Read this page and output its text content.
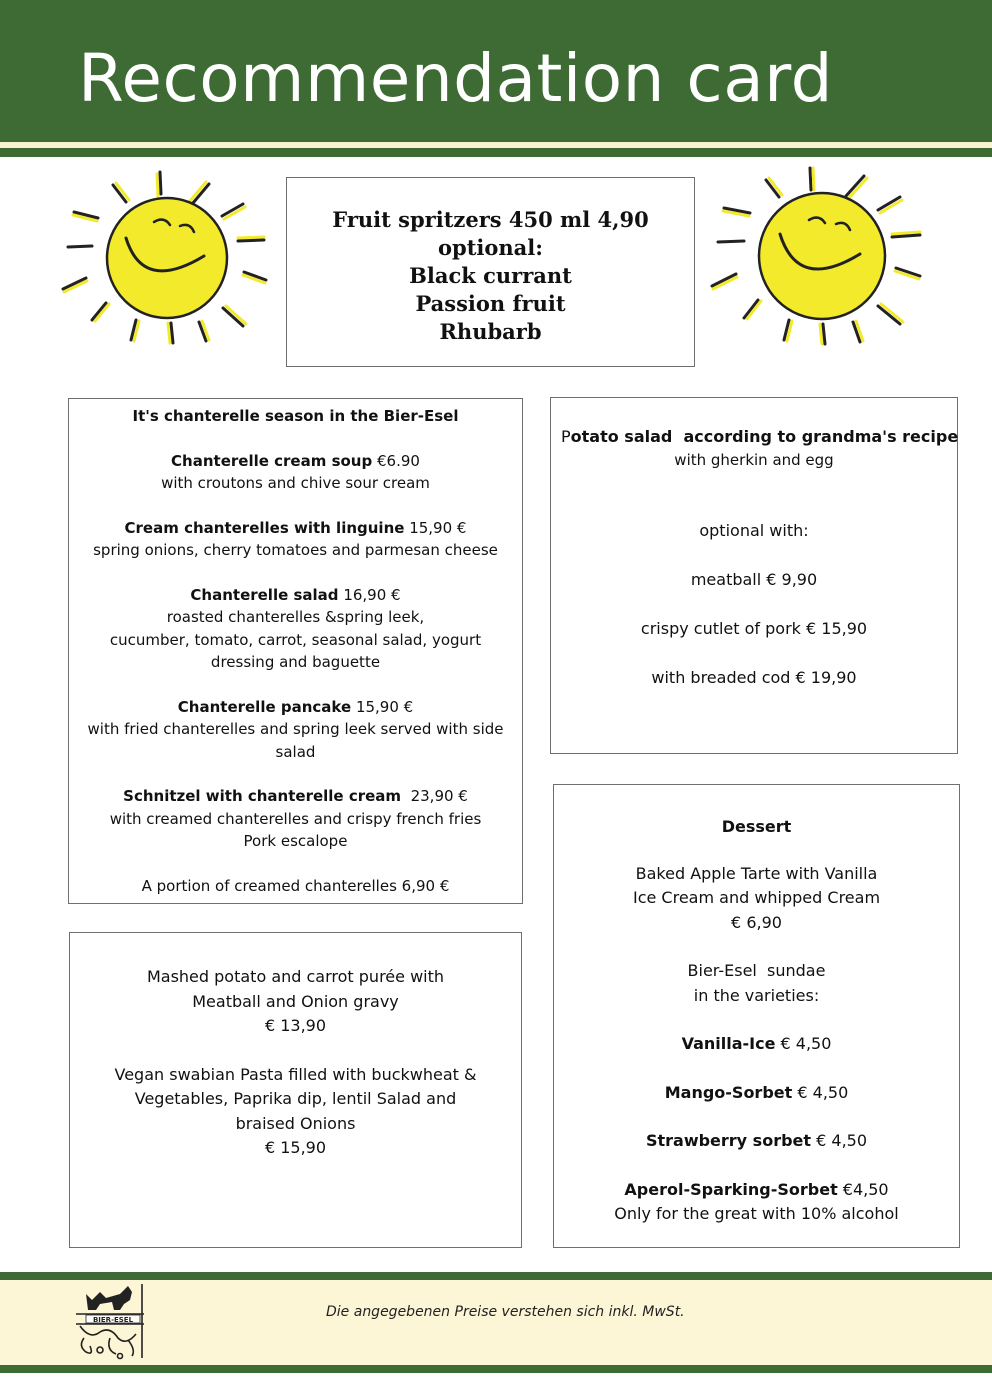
Recommendation card
Fruit spritzers 450 ml 4,90
optional:
Black currant
Passion fruit
Rhubarb
It's chanterelle season in the Bier-Esel
Chanterelle cream soup €6.90
with croutons and chive sour cream
Cream chanterelles with linguine 15,90 €
spring onions, cherry tomatoes and parmesan cheese
Chanterelle salad 16,90 €
roasted chanterelles &spring leek,
cucumber, tomato, carrot, seasonal salad, yogurt
dressing and baguette
Chanterelle pancake 15,90 €
with fried chanterelles and spring leek served with side
salad
Schnitzel with chanterelle cream  23,90 €
with creamed chanterelles and crispy french fries
Pork escalope
A portion of creamed chanterelles 6,90 €
Potato salad  according to grandma's recipe
with gherkin and egg
optional with:
meatball € 9,90
crispy cutlet of pork € 15,90
with breaded cod € 19,90
Mashed potato and carrot purée with
Meatball and Onion gravy
€ 13,90
Vegan swabian Pasta filled with buckwheat &
Vegetables, Paprika dip, lentil Salad and
braised Onions
€ 15,90
Dessert
Baked Apple Tarte with Vanilla
Ice Cream and whipped Cream
€ 6,90
Bier-Esel  sundae
in the varieties:
Vanilla-Ice € 4,50
Mango-Sorbet € 4,50
Strawberry sorbet € 4,50
Aperol-Sparking-Sorbet €4,50
Only for the great with 10% alcohol
BIER-ESEL	Die angegebenen Preise verstehen sich inkl. MwSt.
